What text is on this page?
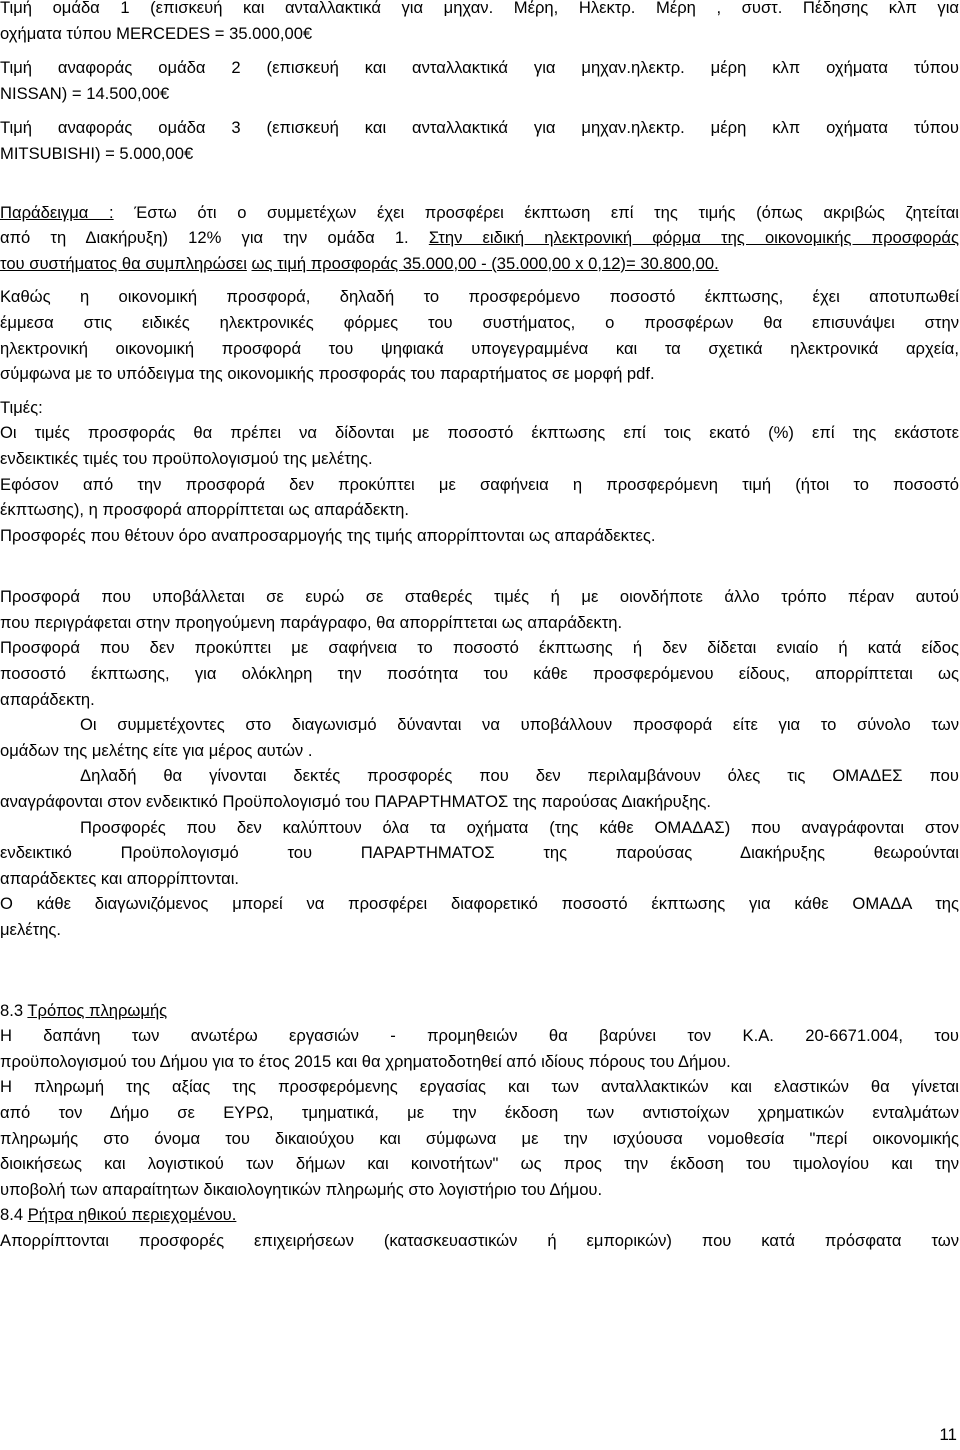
Τιμή ομάδα 1 (επισκευή και ανταλλακτικά για μηχαν. Μέρη, Ηλεκτρ. Μέρη , συστ. Πέδησης κλπ για
οχήματα τύπου MERCEDES = 35.000,00€
Τιμή αναφοράς ομάδα 2 (επισκευή και ανταλλακτικά για μηχαν.ηλεκτρ. μέρη κλπ οχήματα τύπου
NISSAN) = 14.500,00€
Τιμή αναφοράς ομάδα 3 (επισκευή και ανταλλακτικά για μηχαν.ηλεκτρ. μέρη κλπ οχήματα τύπου
MITSUBISHI) = 5.000,00€
Παράδειγμα : Έστω ότι ο συμμετέχων έχει προσφέρει έκπτωση επί της τιμής (όπως ακριβώς ζητείται
από τη Διακήρυξη) 12% για την ομάδα 1. Στην ειδική ηλεκτρονική φόρμα της οικονομικής προσφοράς
του συστήματος θα συμπληρώσει ως τιμή προσφοράς 35.000,00 - (35.000,00 x 0,12)= 30.800,00.
Καθώς η οικονομική προσφορά, δηλαδή το προσφερόμενο ποσοστό έκπτωσης, έχει αποτυπωθεί
έμμεσα στις ειδικές ηλεκτρονικές φόρμες του συστήματος, ο προσφέρων θα επισυνάψει στην
ηλεκτρονική οικονομική προσφορά του ψηφιακά υπογεγραμμένα και τα σχετικά ηλεκτρονικά αρχεία,
σύμφωνα με το υπόδειγμα της οικονομικής προσφοράς του παραρτήματος σε μορφή pdf.
Τιμές:
Οι τιμές προσφοράς θα πρέπει να δίδονται με ποσοστό έκπτωσης επί τοις εκατό (%) επί της εκάστοτε
ενδεικτικές τιμές του προϋπολογισμού της μελέτης.
Εφόσον από την προσφορά δεν προκύπτει με σαφήνεια η προσφερόμενη τιμή (ήτοι το ποσοστό
έκπτωσης), η προσφορά απορρίπτεται ως απαράδεκτη.
Προσφορές που θέτουν όρο αναπροσαρμογής της τιμής απορρίπτονται ως απαράδεκτες.
Προσφορά που υποβάλλεται σε ευρώ σε σταθερές τιμές ή με οιονδήποτε άλλο τρόπο πέραν αυτού
που περιγράφεται στην προηγούμενη παράγραφο, θα απορρίπτεται ως απαράδεκτη.
Προσφορά που δεν προκύπτει με σαφήνεια το ποσοστό έκπτωσης ή δεν δίδεται ενιαίο ή κατά είδος
ποσοστό έκπτωσης, για ολόκληρη την ποσότητα του κάθε προσφερόμενου είδους, απορρίπτεται ως
απαράδεκτη.
Οι συμμετέχοντες στο διαγωνισμό δύνανται να υποβάλλουν προσφορά είτε για το σύνολο των
ομάδων της μελέτης είτε για μέρος αυτών .
Δηλαδή θα γίνονται δεκτές προσφορές που δεν περιλαμβάνουν όλες τις ΟΜΑΔΕΣ που
αναγράφονται στον ενδεικτικό Προϋπολογισμό του ΠΑΡΑΡΤΗΜΑΤΟΣ της παρούσας Διακήρυξης.
Προσφορές που δεν καλύπτουν όλα τα οχήματα (της κάθε ΟΜΑΔΑΣ) που αναγράφονται στον
ενδεικτικό Προϋπολογισμό του ΠΑΡΑΡΤΗΜΑΤΟΣ της παρούσας Διακήρυξης θεωρούνται
απαράδεκτες και απορρίπτονται.
Ο κάθε διαγωνιζόμενος μπορεί να προσφέρει διαφορετικό ποσοστό έκπτωσης για κάθε ΟΜΑΔΑ της
μελέτης.
8.3 Τρόπος πληρωμής
Η δαπάνη των ανωτέρω εργασιών - προμηθειών θα βαρύνει τον Κ.Α. 20-6671.004, του
προϋπολογισμού του Δήμου για το έτος 2015 και θα χρηματοδοτηθεί από ιδίους πόρους του Δήμου.
Η πληρωμή της αξίας της προσφερόμενης εργασίας και των ανταλλακτικών και ελαστικών θα γίνεται
από τον Δήμο σε ΕΥΡΩ, τμηματικά, με την έκδοση των αντιστοίχων χρηματικών ενταλμάτων
πληρωμής στο όνομα του δικαιούχου και σύμφωνα με την ισχύουσα νομοθεσία "περί οικονομικής
διοικήσεως και λογιστικού των δήμων και κοινοτήτων" ως προς την έκδοση του τιμολογίου και την
υποβολή των απαραίτητων δικαιολογητικών πληρωμής στο λογιστήριο του Δήμου.
8.4 Ρήτρα ηθικού περιεχομένου.
Απορρίπτονται προσφορές επιχειρήσεων (κατασκευαστικών ή εμπορικών) που κατά πρόσφατα των
11
